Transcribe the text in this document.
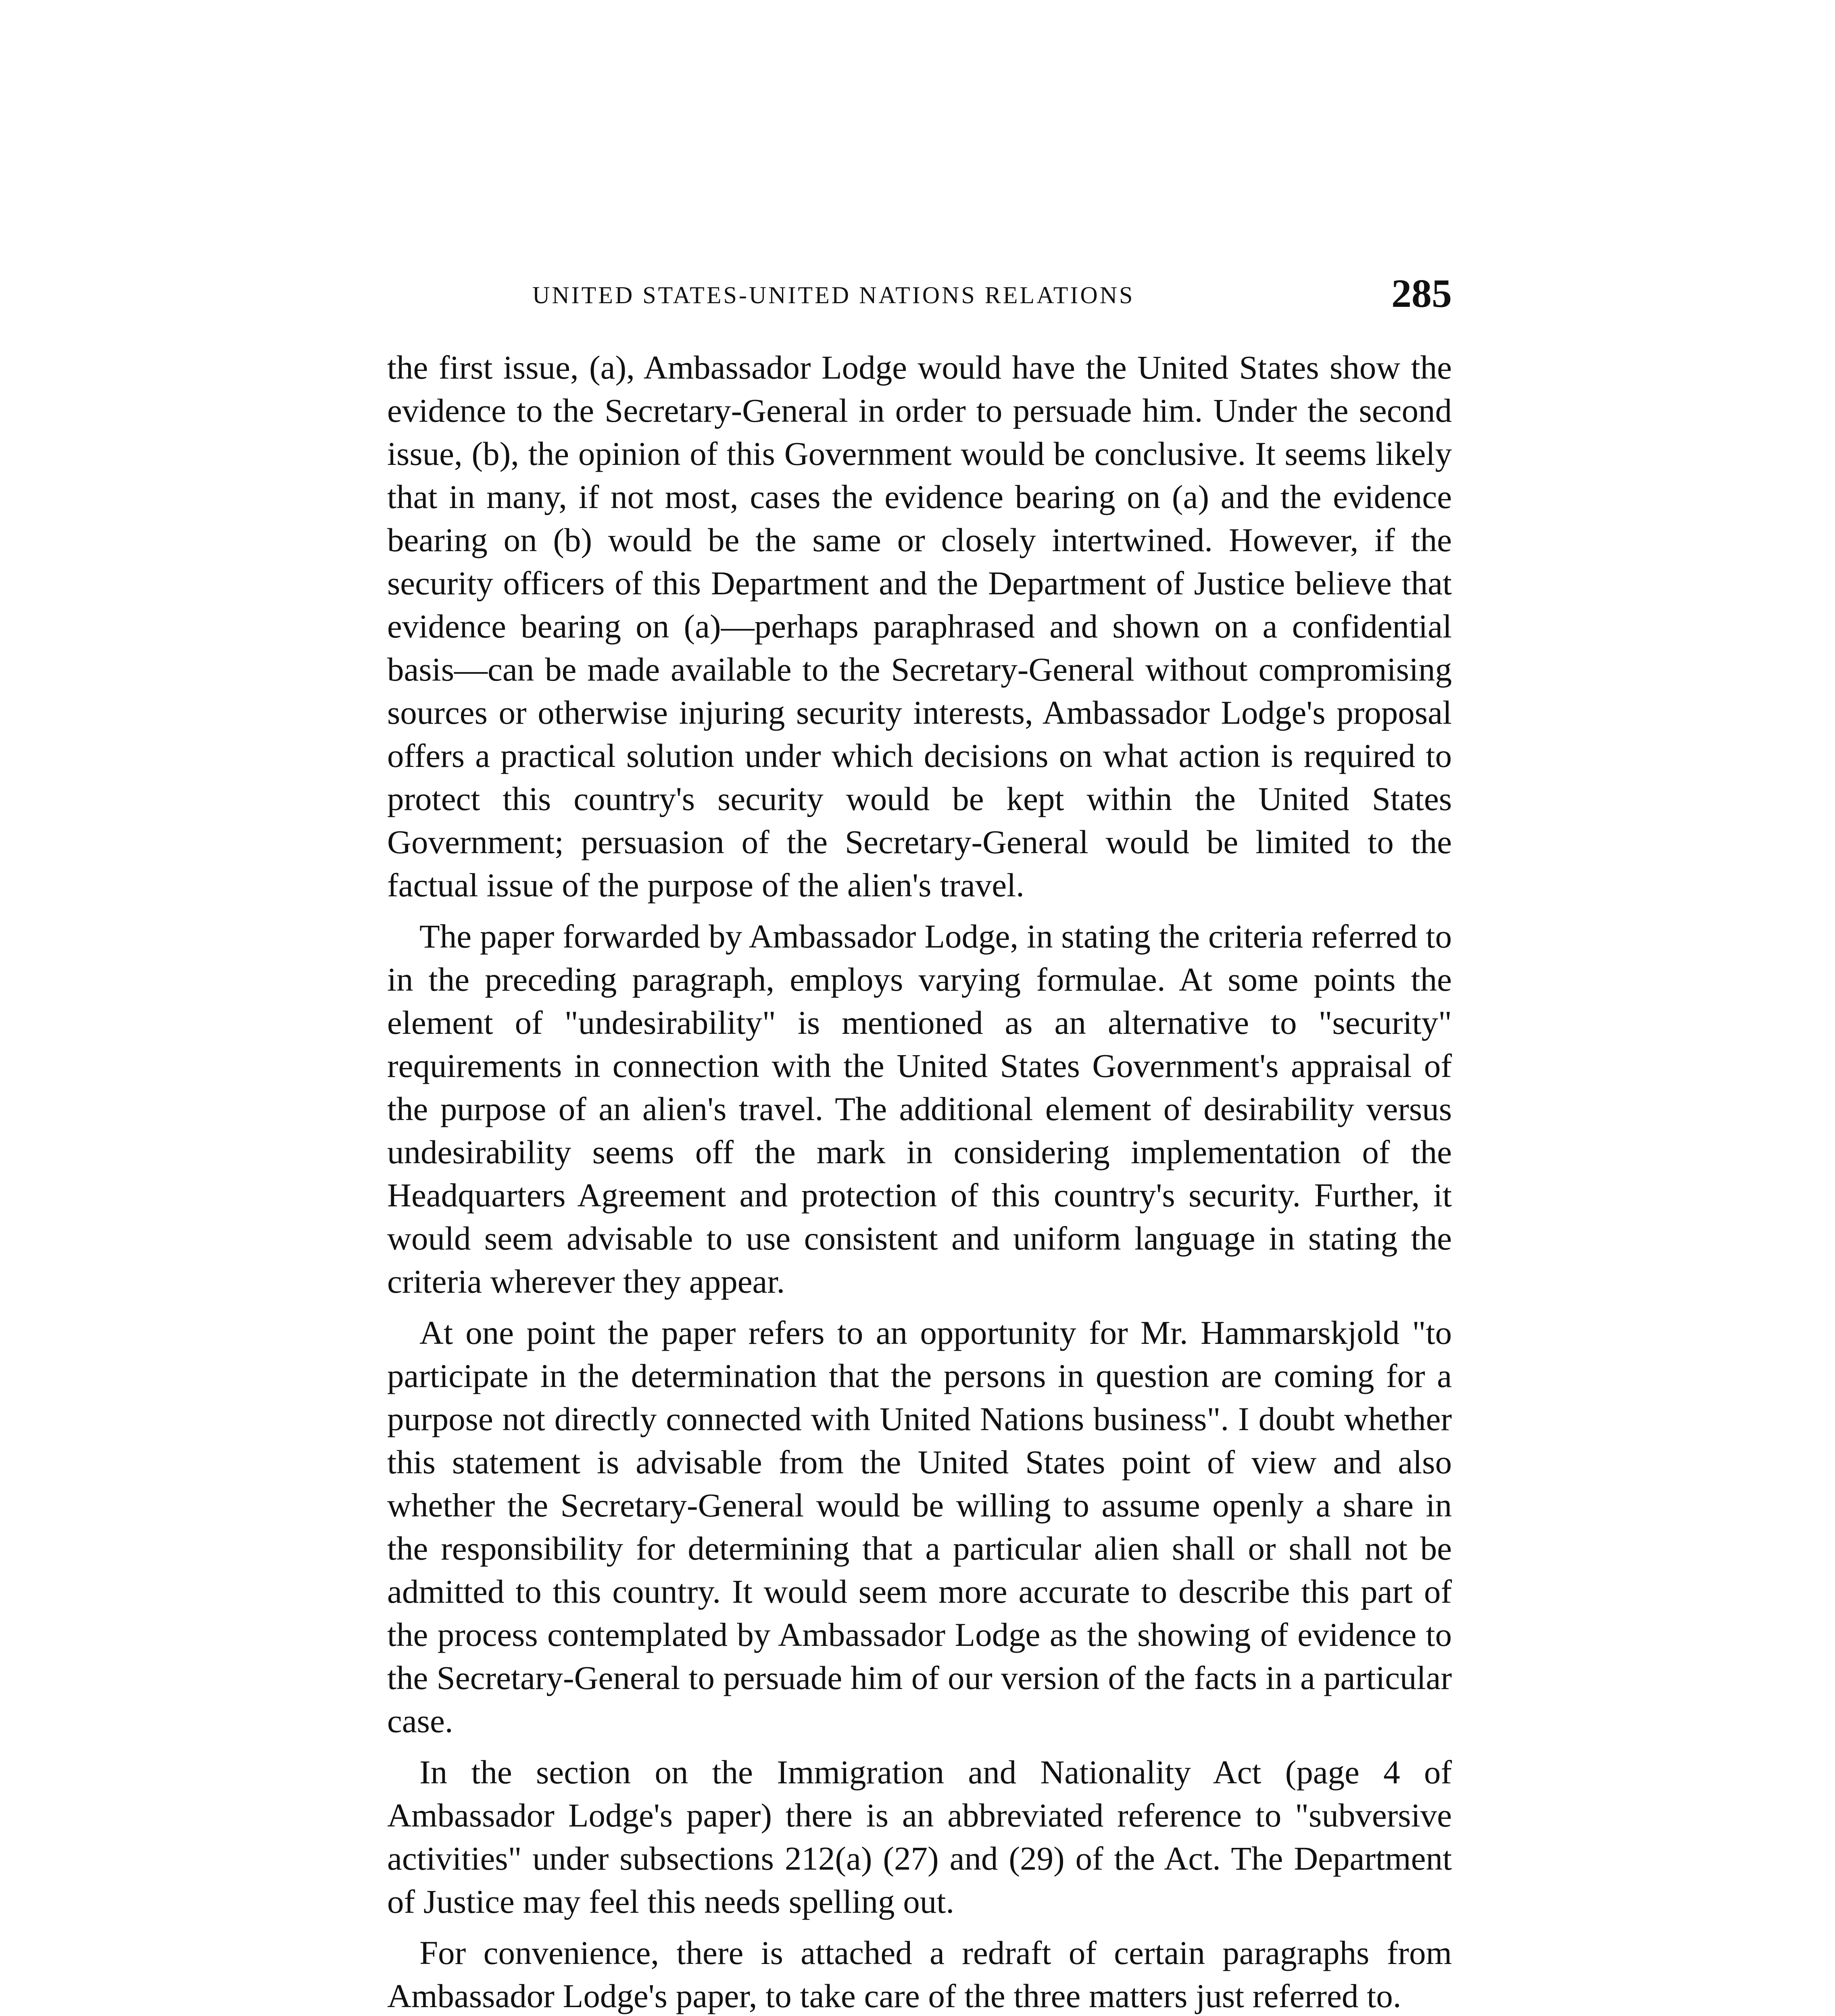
UNITED STATES-UNITED NATIONS RELATIONS	285

the first issue, (a), Ambassador Lodge would have the United States show the evidence to the Secretary-General in order to persuade him. Under the second issue, (b), the opinion of this Government would be conclusive. It seems likely that in many, if not most, cases the evidence bearing on (a) and the evidence bearing on (b) would be the same or closely intertwined. However, if the security officers of this Department and the Department of Justice believe that evidence bearing on (a)—perhaps paraphrased and shown on a confidential basis—can be made available to the Secretary-General without compromising sources or otherwise injuring security interests, Ambassador Lodge's proposal offers a practical solution under which decisions on what action is required to protect this country's security would be kept within the United States Government; persuasion of the Secretary-General would be limited to the factual issue of the purpose of the alien's travel.

The paper forwarded by Ambassador Lodge, in stating the criteria referred to in the preceding paragraph, employs varying formulae. At some points the element of "undesirability" is mentioned as an alternative to "security" requirements in connection with the United States Government's appraisal of the purpose of an alien's travel. The additional element of desirability versus undesirability seems off the mark in considering implementation of the Headquarters Agreement and protection of this country's security. Further, it would seem advisable to use consistent and uniform language in stating the criteria wherever they appear.

At one point the paper refers to an opportunity for Mr. Hammarskjold "to participate in the determination that the persons in question are coming for a purpose not directly connected with United Nations business". I doubt whether this statement is advisable from the United States point of view and also whether the Secretary-General would be willing to assume openly a share in the responsibility for determining that a particular alien shall or shall not be admitted to this country. It would seem more accurate to describe this part of the process contemplated by Ambassador Lodge as the showing of evidence to the Secretary-General to persuade him of our version of the facts in a particular case.

In the section on the Immigration and Nationality Act (page 4 of Ambassador Lodge's paper) there is an abbreviated reference to "subversive activities" under subsections 212(a) (27) and (29) of the Act. The Department of Justice may feel this needs spelling out.

For convenience, there is attached a redraft of certain paragraphs from Ambassador Lodge's paper, to take care of the three matters just referred to.
